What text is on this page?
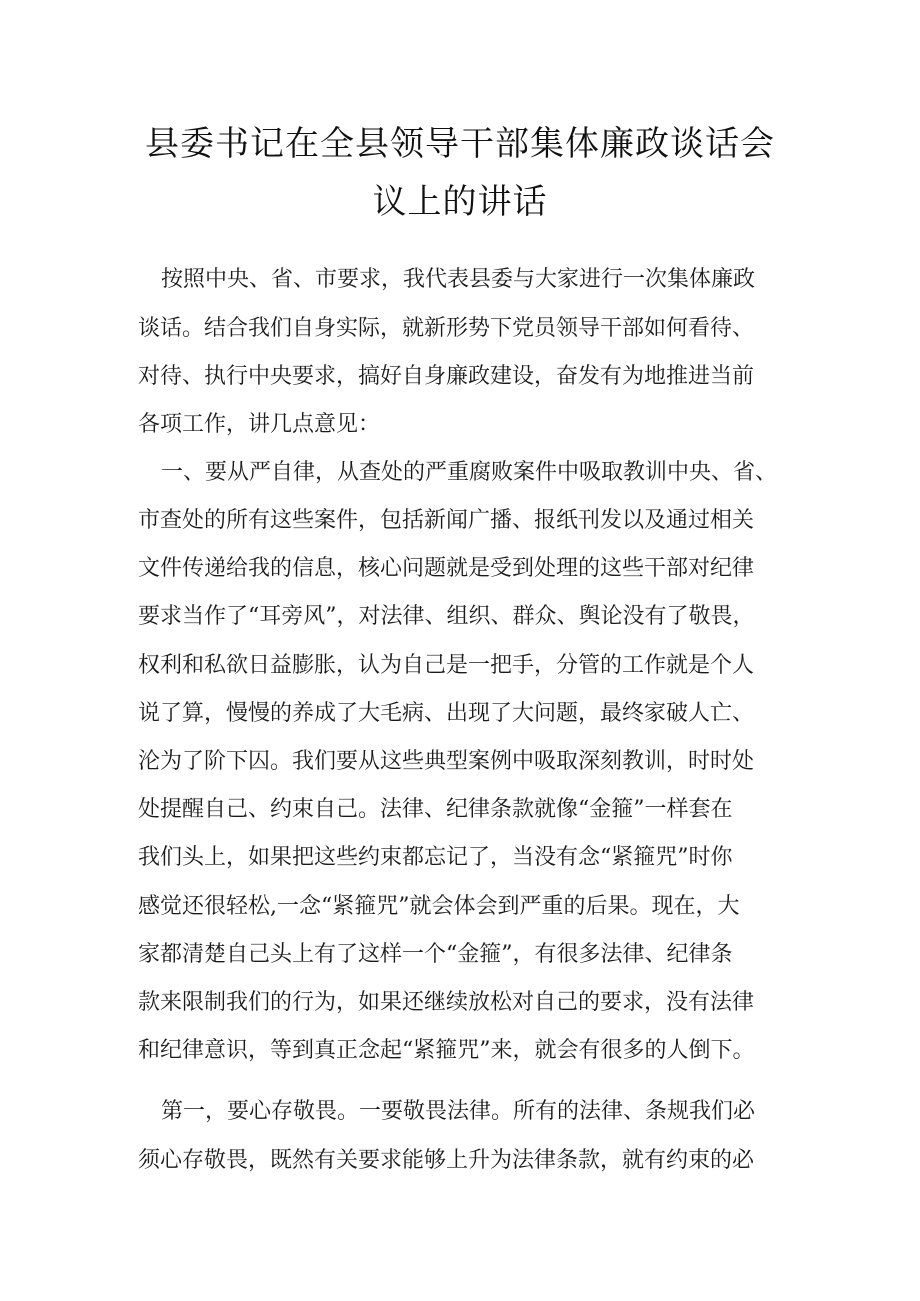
县委书记在全县领导干部集体廉政谈话会
议上的讲话
按照中央、省、市要求，我代表县委与大家进行一次集体廉政
谈话。结合我们自身实际，就新形势下党员领导干部如何看待、
对待、执行中央要求，搞好自身廉政建设，奋发有为地推进当前
各项工作，讲几点意见：
一、要从严自律，从查处的严重腐败案件中吸取教训中央、省、
市查处的所有这些案件，包括新闻广播、报纸刊发以及通过相关
文件传递给我的信息，核心问题就是受到处理的这些干部对纪律
要求当作了“耳旁风”，对法律、组织、群众、舆论没有了敬畏，
权利和私欲日益膨胀，认为自己是一把手，分管的工作就是个人
说了算，慢慢的养成了大毛病、出现了大问题，最终家破人亡、
沦为了阶下囚。我们要从这些典型案例中吸取深刻教训，时时处
处提醒自己、约束自己。法律、纪律条款就像“金箍”一样套在
我们头上，如果把这些约束都忘记了，当没有念“紧箍咒”时你
感觉还很轻松,一念“紧箍咒”就会体会到严重的后果。现在，大
家都清楚自己头上有了这样一个“金箍”，有很多法律、纪律条
款来限制我们的行为，如果还继续放松对自己的要求，没有法律
和纪律意识，等到真正念起“紧箍咒”来，就会有很多的人倒下。
第一，要心存敬畏。一要敬畏法律。所有的法律、条规我们必
须心存敬畏，既然有关要求能够上升为法律条款，就有约束的必
